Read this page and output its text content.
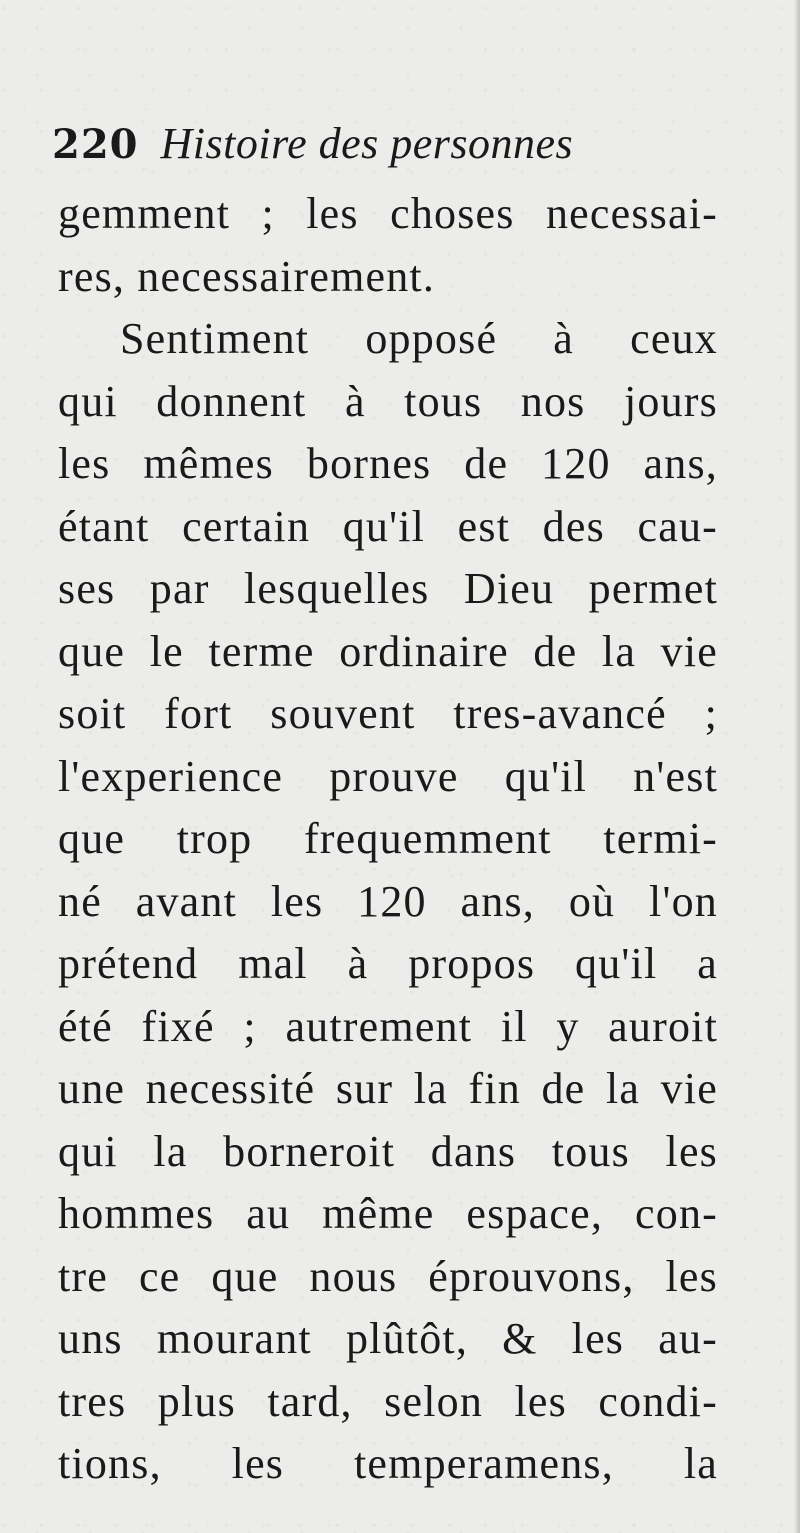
220 Histoire des personnes
gemment ; les choses necessai-
res, necessairement.
Sentiment opposé à ceux
qui donnent à tous nos jours
les mêmes bornes de 120 ans,
étant certain qu'il est des cau-
ses par lesquelles Dieu permet
que le terme ordinaire de la vie
soit fort souvent tres-avancé ;
l'experience prouve qu'il n'est
que trop frequemment termi-
né avant les 120 ans, où l'on
prétend mal à propos qu'il a
été fixé ; autrement il y auroit
une necessité sur la fin de la vie
qui la borneroit dans tous les
hommes au même espace, con-
tre ce que nous éprouvons, les
uns mourant plûtôt, & les au-
tres plus tard, selon les condi-
tions, les temperamens, la
